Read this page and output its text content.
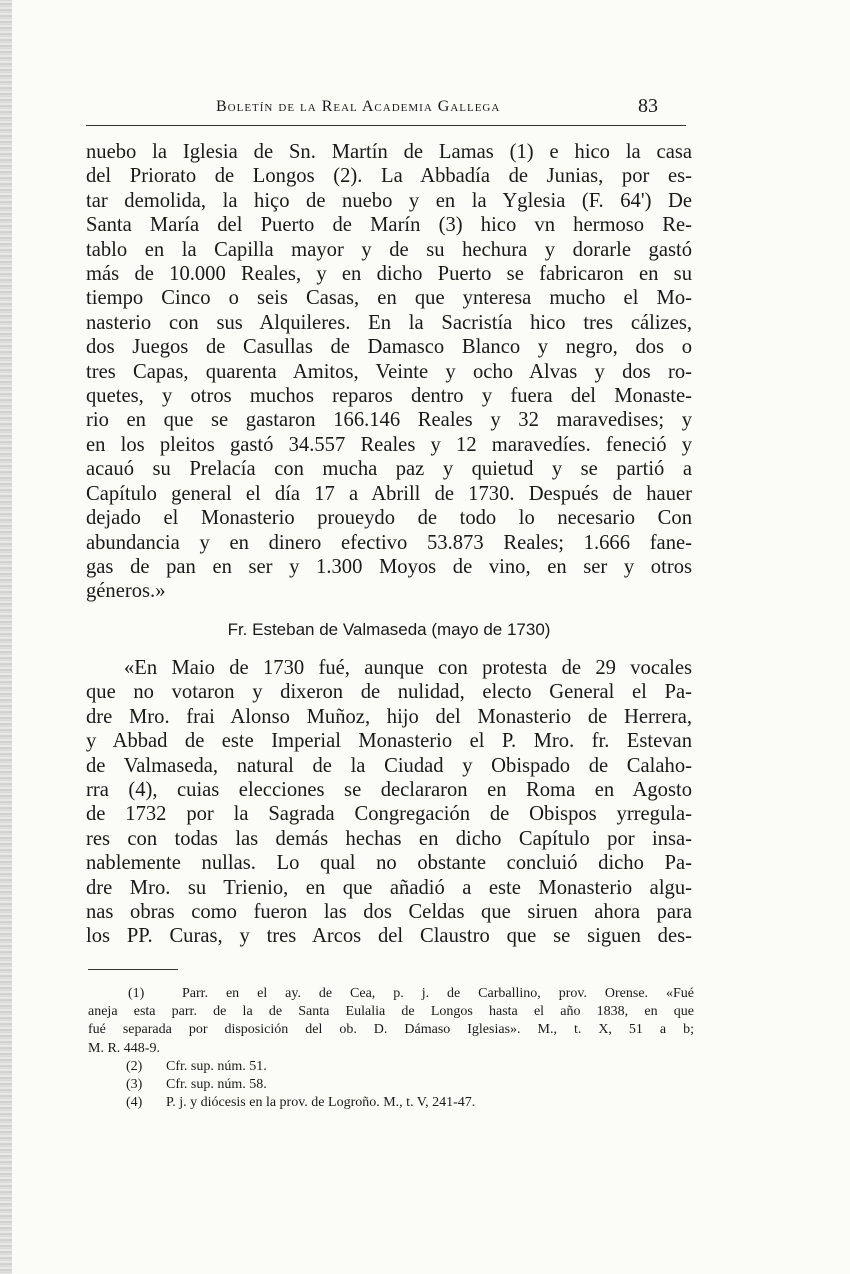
Boletín de la Real Academia Gallega	83
nuebo la Iglesia de Sn. Martín de Lamas (1) e hico la casa
del Priorato de Longos (2). La Abbadía de Junias, por es-
tar demolida, la hiço de nuebo y en la Yglesia (F. 64') De
Santa María del Puerto de Marín (3) hico vn hermoso Re-
tablo en la Capilla mayor y de su hechura y dorarle gastó
más de 10.000 Reales, y en dicho Puerto se fabricaron en su
tiempo Cinco o seis Casas, en que ynteresa mucho el Mo-
nasterio con sus Alquileres. En la Sacristía hico tres cálizes,
dos Juegos de Casullas de Damasco Blanco y negro, dos o
tres Capas, quarenta Amitos, Veinte y ocho Alvas y dos ro-
quetes, y otros muchos reparos dentro y fuera del Monaste-
rio en que se gastaron 166.146 Reales y 32 maravedises; y
en los pleitos gastó 34.557 Reales y 12 maravedíes. feneció y
acauó su Prelacía con mucha paz y quietud y se partió a
Capítulo general el día 17 a Abrill de 1730. Después de hauer
dejado el Monasterio proueydo de todo lo necesario Con
abundancia y en dinero efectivo 53.873 Reales; 1.666 fane-
gas de pan en ser y 1.300 Moyos de vino, en ser y otros
géneros.»
Fr. Esteban de Valmaseda (mayo de 1730)
«En Maio de 1730 fué, aunque con protesta de 29 vocales
que no votaron y dixeron de nulidad, electo General el Pa-
dre Mro. frai Alonso Muñoz, hijo del Monasterio de Herrera,
y Abbad de este Imperial Monasterio el P. Mro. fr. Estevan
de Valmaseda, natural de la Ciudad y Obispado de Calaho-
rra (4), cuias elecciones se declararon en Roma en Agosto
de 1732 por la Sagrada Congregación de Obispos yrregula-
res con todas las demás hechas en dicho Capítulo por insa-
nablemente nullas. Lo qual no obstante concluió dicho Pa-
dre Mro. su Trienio, en que añadió a este Monasterio algu-
nas obras como fueron las dos Celdas que siruen ahora para
los PP. Curas, y tres Arcos del Claustro que se siguen des-
(1)	Parr. en el ay. de Cea, p. j. de Carballino, prov. Orense. «Fué
aneja esta parr. de la de Santa Eulalia de Longos hasta el año 1838, en que
fué separada por disposición del ob. D. Dámaso Iglesias». M., t. X, 51 a b;
M. R. 448-9.
(2) Cfr. sup. núm. 51.
(3) Cfr. sup. núm. 58.
(4) P. j. y diócesis en la prov. de Logroño. M., t. V, 241-47.
